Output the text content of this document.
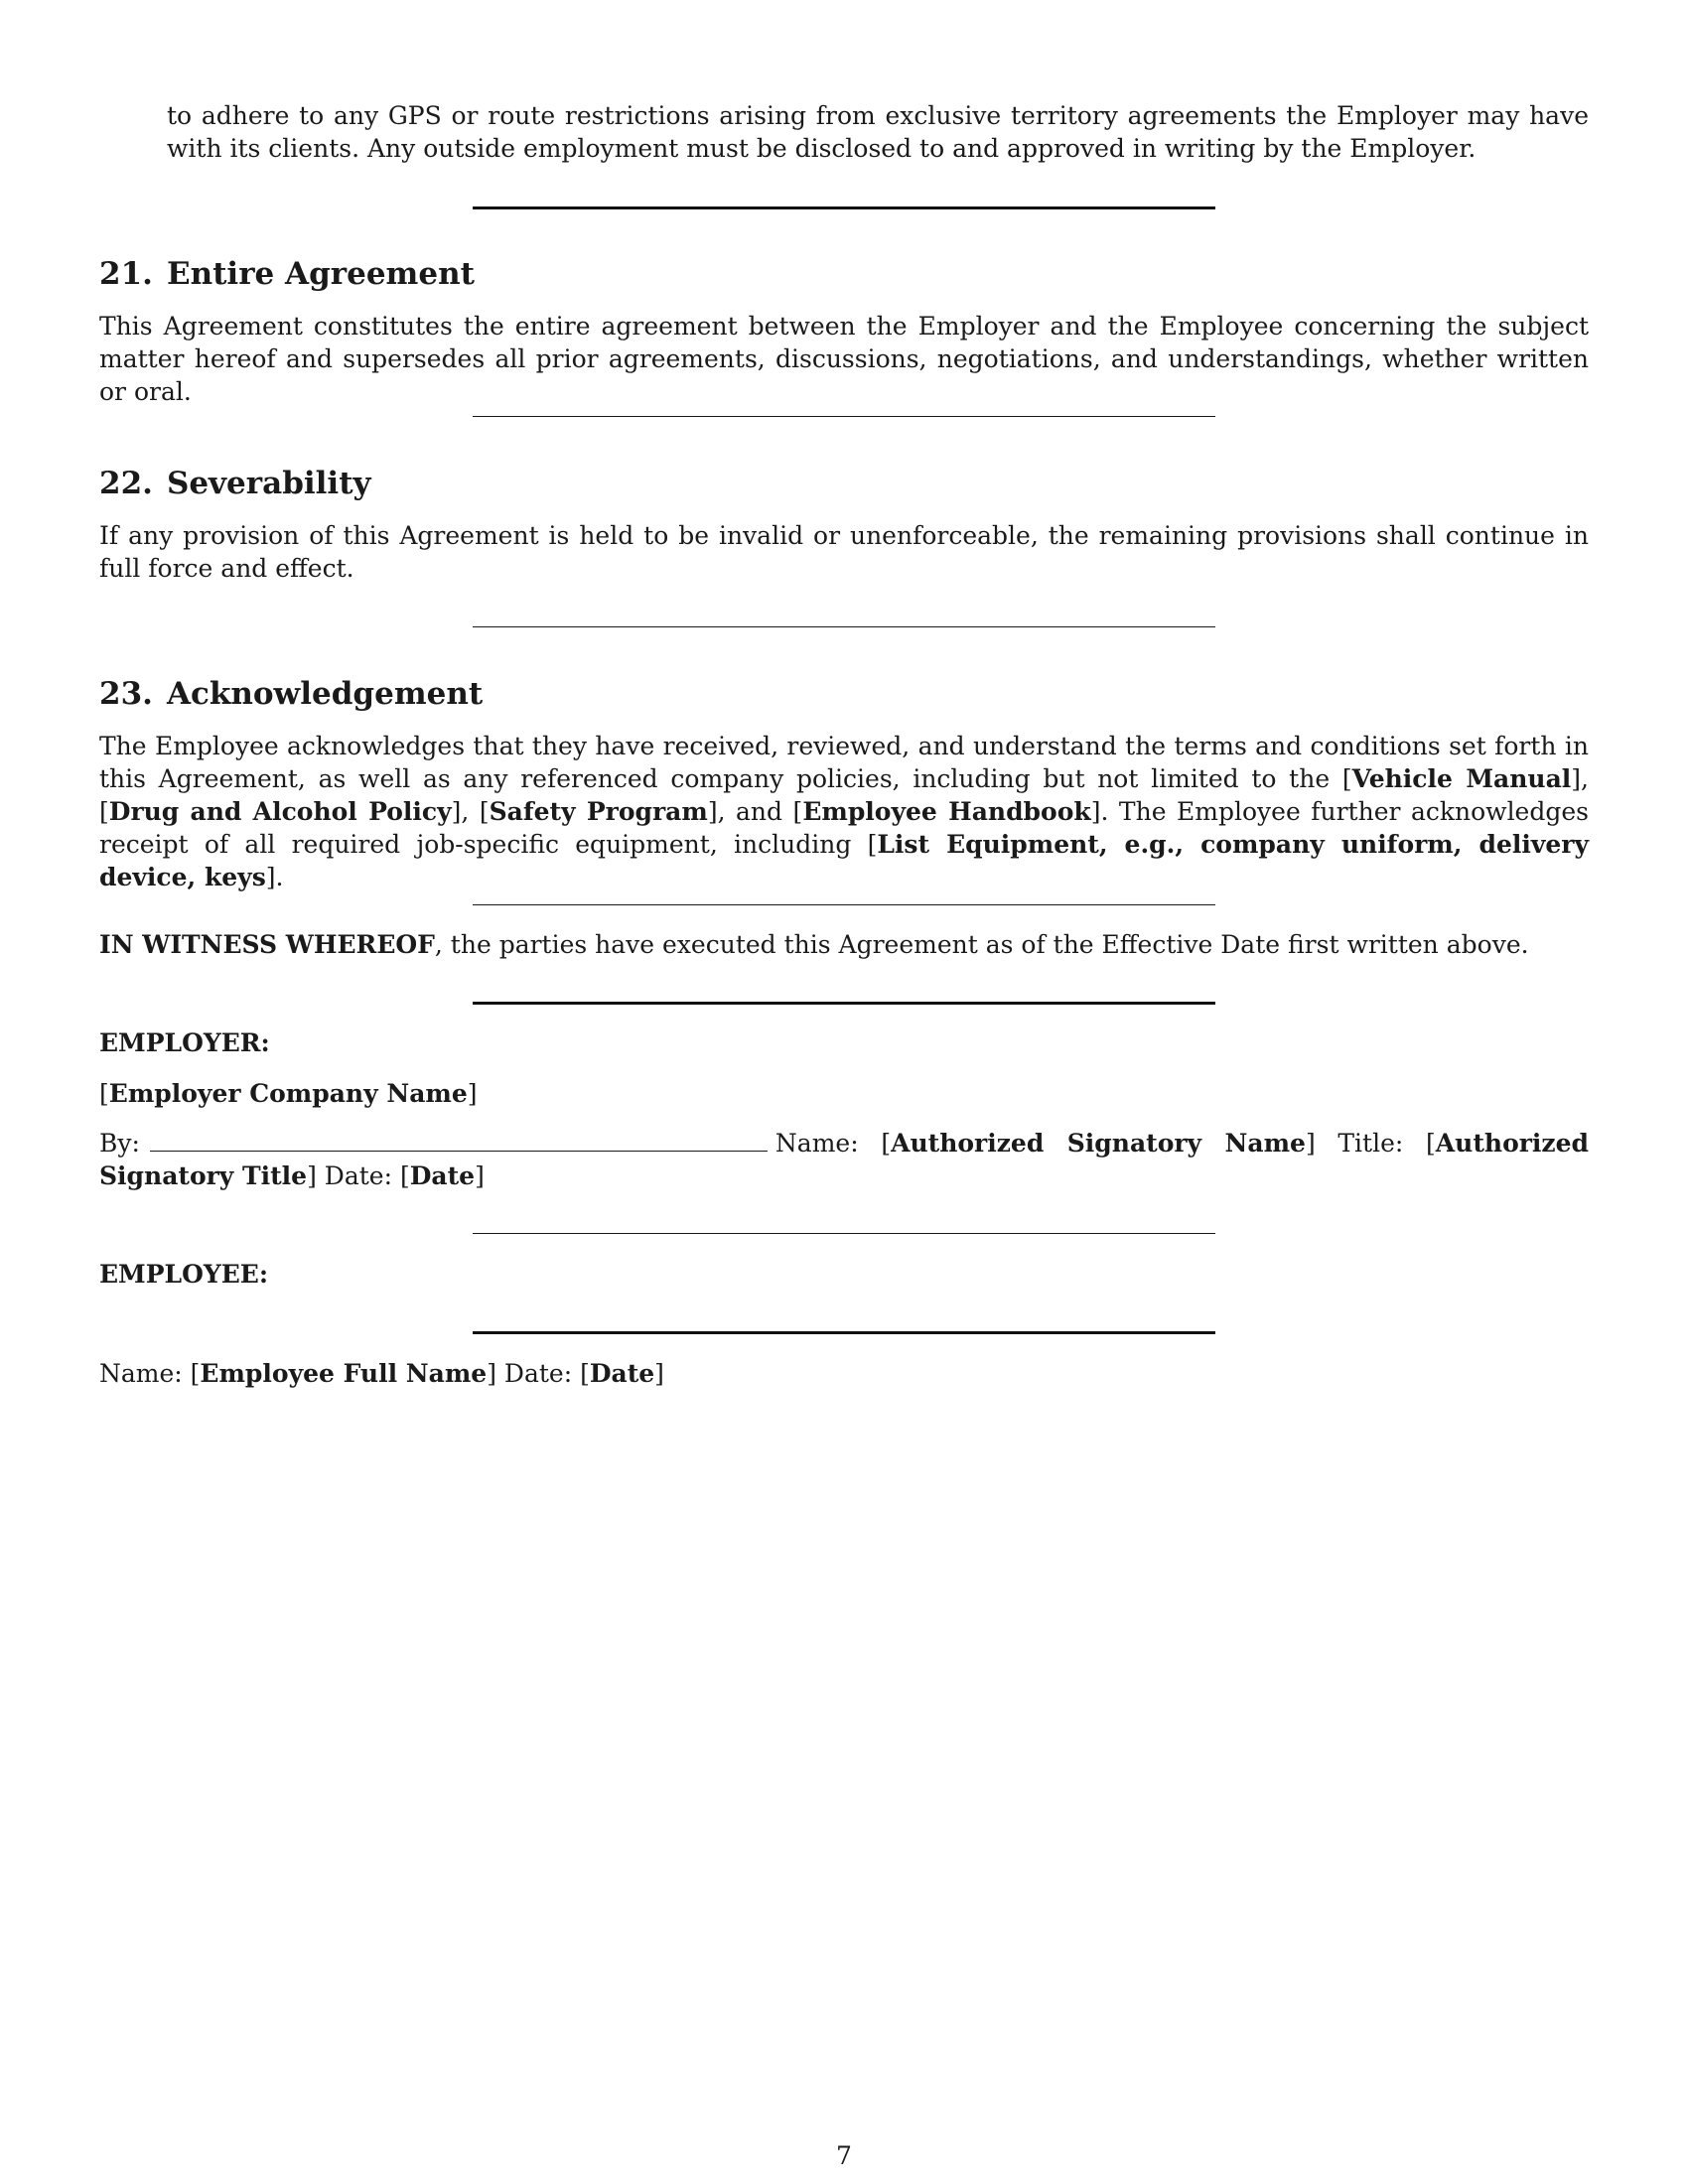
to adhere to any GPS or route restrictions arising from exclusive territory agreements the Employer may have with its clients. Any outside employment must be disclosed to and approved in writing by the Employer.

21. Entire Agreement

This Agreement constitutes the entire agreement between the Employer and the Employee concerning the subject matter hereof and supersedes all prior agreements, discussions, negotiations, and understandings, whether written or oral.

22. Severability

If any provision of this Agreement is held to be invalid or unenforceable, the remaining provisions shall continue in full force and effect.

23. Acknowledgement

The Employee acknowledges that they have received, reviewed, and understand the terms and conditions set forth in this Agreement, as well as any referenced company policies, including but not limited to the [Vehicle Manual], [Drug and Alcohol Policy], [Safety Program], and [Employee Handbook]. The Employee further acknowledges receipt of all required job-specific equipment, including [List Equipment, e.g., company uniform, delivery device, keys].

IN WITNESS WHEREOF, the parties have executed this Agreement as of the Effective Date first written above.

EMPLOYER:

[Employer Company Name]

By:	Name: [Authorized Signatory Name] Title: [Authorized Signatory Title] Date: [Date]

EMPLOYEE:

Name: [Employee Full Name] Date: [Date]

7
